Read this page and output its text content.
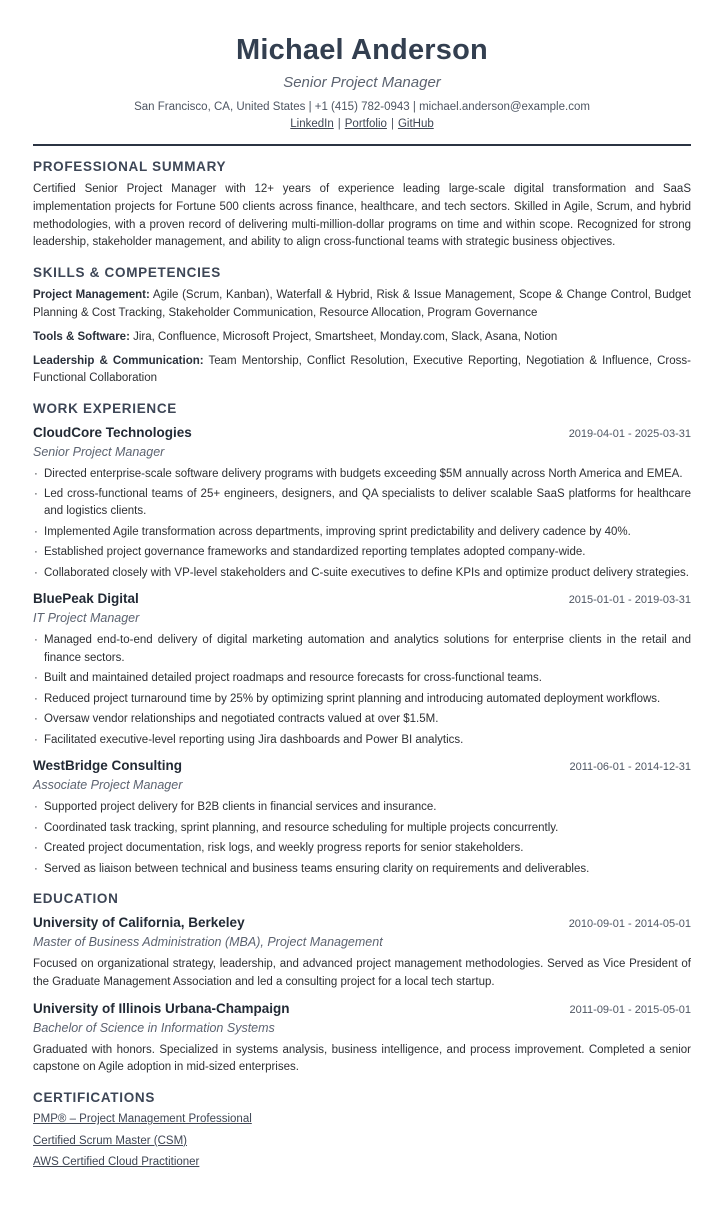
Michael Anderson
Senior Project Manager
San Francisco, CA, United States | +1 (415) 782-0943 | michael.anderson@example.com
LinkedIn | Portfolio | GitHub
PROFESSIONAL SUMMARY

Certified Senior Project Manager with 12+ years of experience leading large-scale digital transformation and SaaS implementation projects for Fortune 500 clients across finance, healthcare, and tech sectors. Skilled in Agile, Scrum, and hybrid methodologies, with a proven record of delivering multi-million-dollar programs on time and within scope. Recognized for strong leadership, stakeholder management, and ability to align cross-functional teams with strategic business objectives.

SKILLS & COMPETENCIES

Project Management: Agile (Scrum, Kanban), Waterfall & Hybrid, Risk & Issue Management, Scope & Change Control, Budget Planning & Cost Tracking, Stakeholder Communication, Resource Allocation, Program Governance

Tools & Software: Jira, Confluence, Microsoft Project, Smartsheet, Monday.com, Slack, Asana, Notion

Leadership & Communication: Team Mentorship, Conflict Resolution, Executive Reporting, Negotiation & Influence, Cross-Functional Collaboration

WORK EXPERIENCE
CloudCore Technologies	2019-04-01 - 2025-03-31
Senior Project Manager
· Directed enterprise-scale software delivery programs with budgets exceeding $5M annually across North America and EMEA.
· Led cross-functional teams of 25+ engineers, designers, and QA specialists to deliver scalable SaaS platforms for healthcare and logistics clients.
· Implemented Agile transformation across departments, improving sprint predictability and delivery cadence by 40%.
· Established project governance frameworks and standardized reporting templates adopted company-wide.
· Collaborated closely with VP-level stakeholders and C-suite executives to define KPIs and optimize product delivery strategies.
BluePeak Digital	2015-01-01 - 2019-03-31
IT Project Manager
· Managed end-to-end delivery of digital marketing automation and analytics solutions for enterprise clients in the retail and finance sectors.
· Built and maintained detailed project roadmaps and resource forecasts for cross-functional teams.
· Reduced project turnaround time by 25% by optimizing sprint planning and introducing automated deployment workflows.
· Oversaw vendor relationships and negotiated contracts valued at over $1.5M.
· Facilitated executive-level reporting using Jira dashboards and Power BI analytics.
WestBridge Consulting	2011-06-01 - 2014-12-31
Associate Project Manager
· Supported project delivery for B2B clients in financial services and insurance.
· Coordinated task tracking, sprint planning, and resource scheduling for multiple projects concurrently.
· Created project documentation, risk logs, and weekly progress reports for senior stakeholders.
· Served as liaison between technical and business teams ensuring clarity on requirements and deliverables.
EDUCATION
University of California, Berkeley	2010-09-01 - 2014-05-01
Master of Business Administration (MBA), Project Management

Focused on organizational strategy, leadership, and advanced project management methodologies. Served as Vice President of the Graduate Management Association and led a consulting project for a local tech startup.

University of Illinois Urbana-Champaign	2011-09-01 - 2015-05-01
Bachelor of Science in Information Systems

Graduated with honors. Specialized in systems analysis, business intelligence, and process improvement. Completed a senior capstone on Agile adoption in mid-sized enterprises.

CERTIFICATIONS
PMP® – Project Management Professional
Certified Scrum Master (CSM)
AWS Certified Cloud Practitioner
